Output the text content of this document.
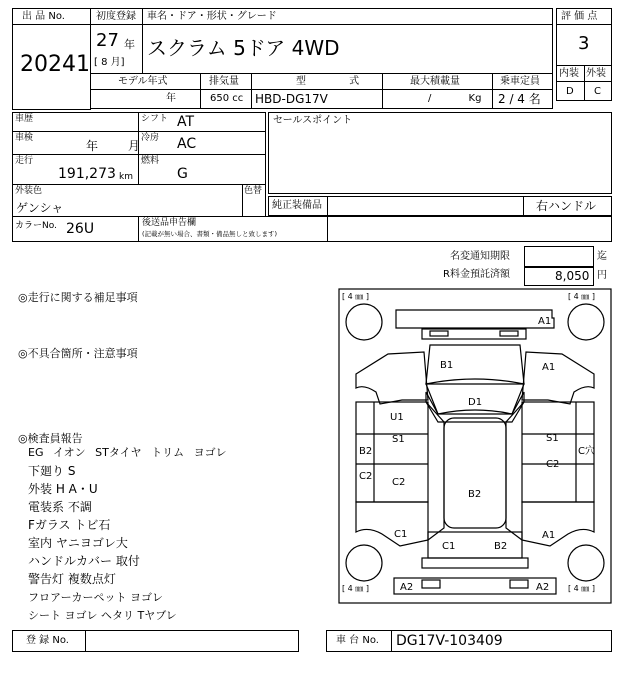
出 品 No.
20241
初度登録
27 年
[ 8 月]
車名・ドア・形状・グレード
スクラム 5ドア 4WD
評 価 点
3
内装 外装
D C
モデル年式
年
排気量
650 cc
型 式
HBD-DG17V
最大積載量
/ Kg
乗車定員
2 / 4 名
車歴	シフト AT
車検
年 月
冷房 AC
走行
191,273 km
燃料
G
セールスポイント
外装色
ゲンシャ
色替
純正装備品	右ハンドル
カラーNo. 26U	後送品申告欄
(記載が無い場合、書類・備品無しと致します)
名変通知期限	迄
R料金預託済額	8,050 円
◎走行に関する補足事項
◎不具合箇所・注意事項
◎検査員報告
EG イオン STタイヤ トリム ヨゴレ
下廻り S
外装 H A・U
電装系 不調
Fガラス トビ石
室内 ヤニヨゴレ大
ハンドルカバー 取付
警告灯 複数点灯
フロアーカーペット ヨゴレ
シート ヨゴレ ヘタリ Tヤブレ
[ 4 ㎜ ]	[ 4 ㎜ ]
[ 4 ㎜ ]	[ 4 ㎜ ]
A1
B1	A1
D1
U1
S1	S1
B2	C穴
C2
C2
C2
B2
C1	A1
C1	B2
A2	A2
登 録 No.	車 台 No. DG17V-103409
